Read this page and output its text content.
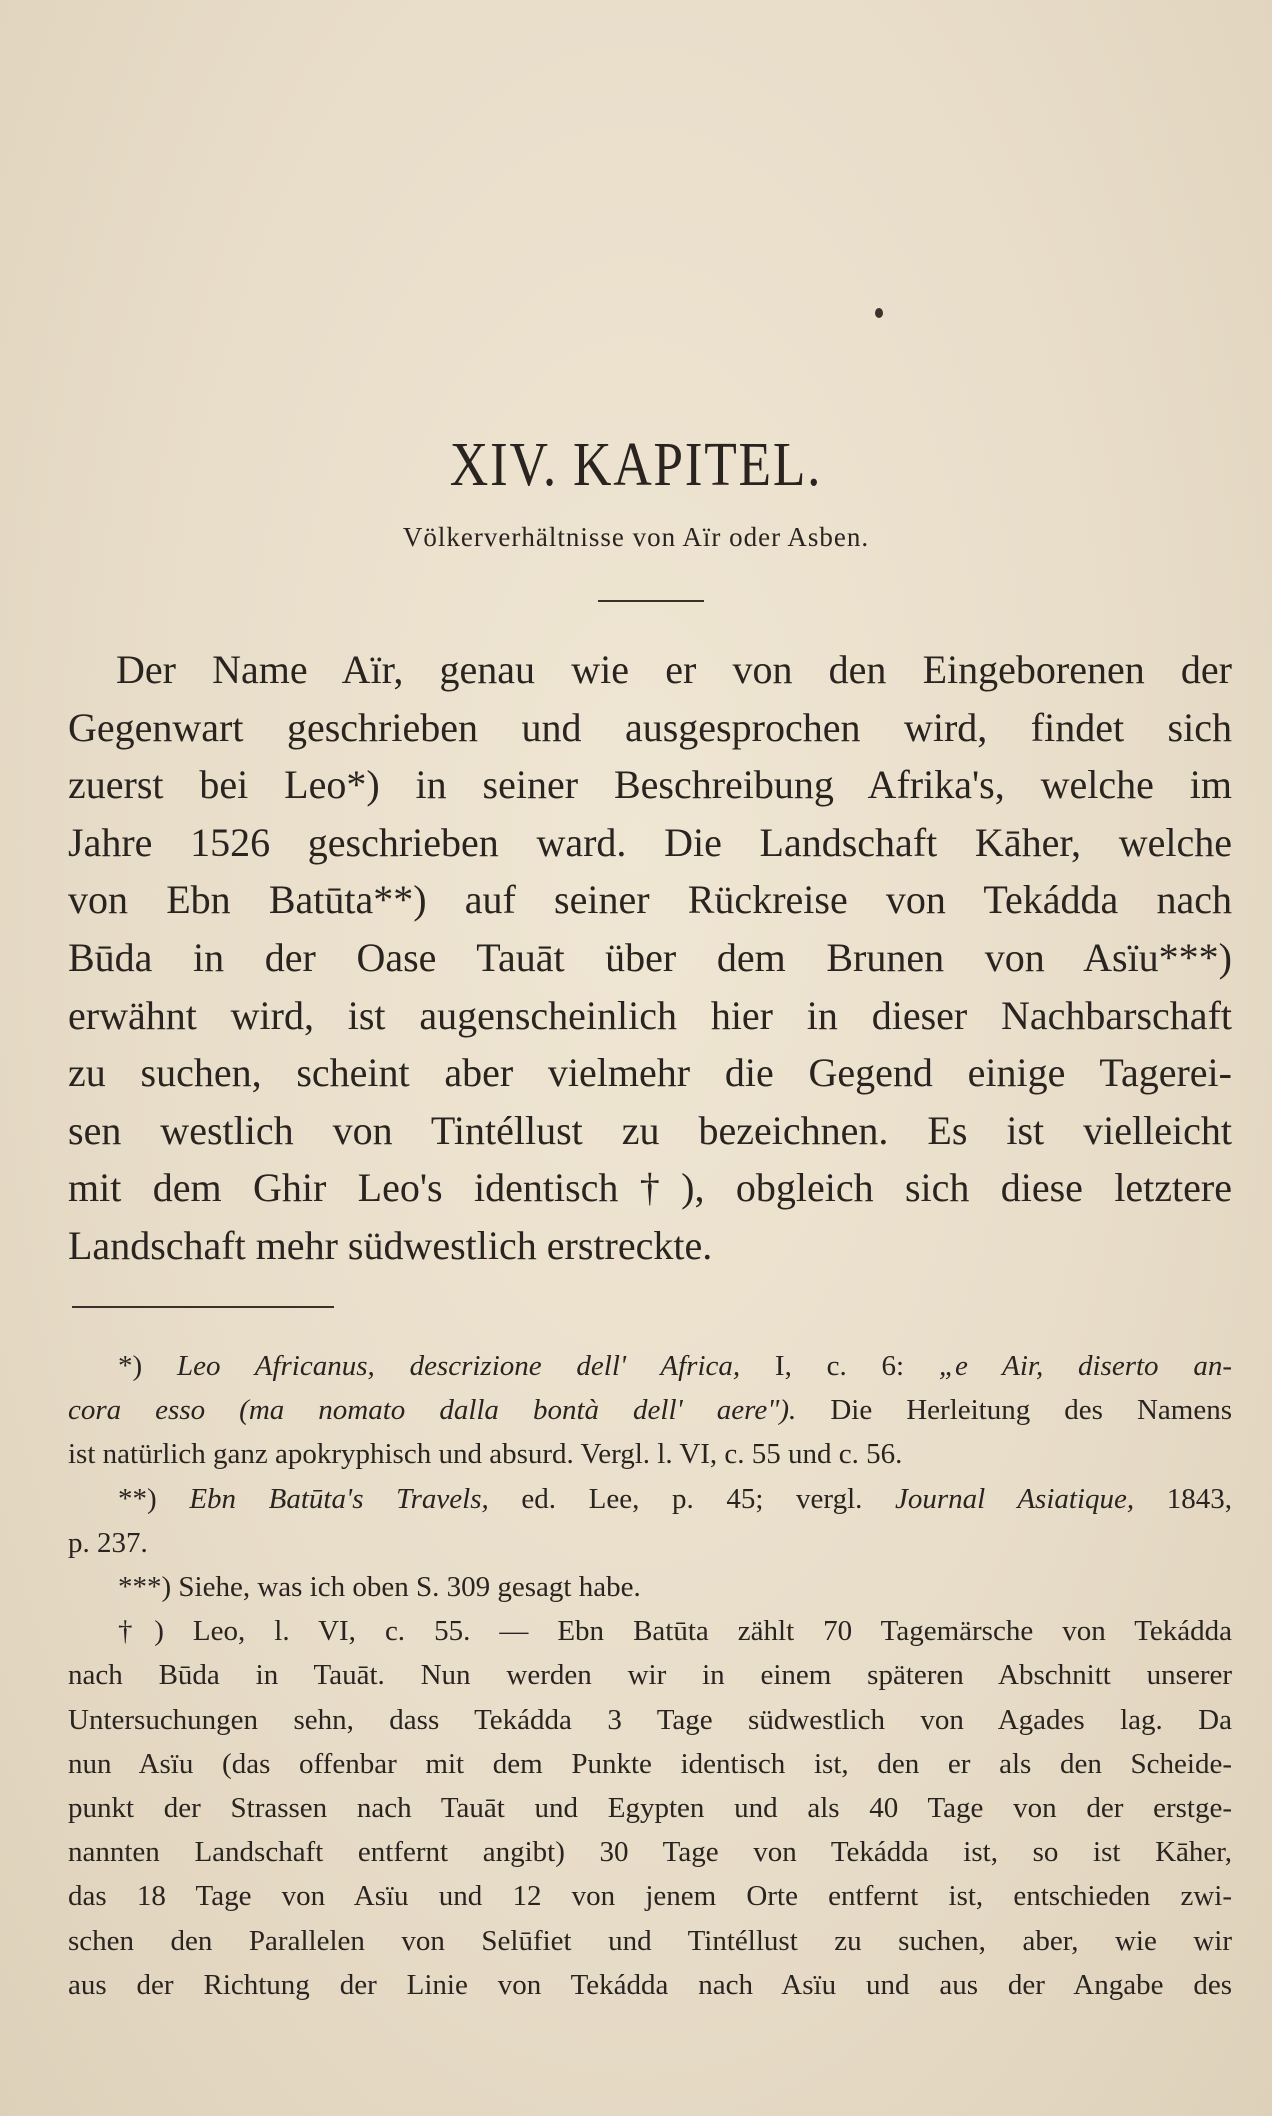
XIV. KAPITEL.

Völkerverhältnisse von Aïr oder Asben.

Der Name Aïr, genau wie er von den Eingeborenen der
Gegenwart geschrieben und ausgesprochen wird, findet sich
zuerst bei Leo*) in seiner Beschreibung Afrika's, welche im
Jahre 1526 geschrieben ward. Die Landschaft Kāher, welche
von Ebn Batūta**) auf seiner Rückreise von Tekádda nach
Būda in der Oase Tauāt über dem Brunen von Asïu***)
erwähnt wird, ist augenscheinlich hier in dieser Nachbarschaft
zu suchen, scheint aber vielmehr die Gegend einige Tagerei-
sen westlich von Tintéllust zu bezeichnen. Es ist vielleicht
mit dem Ghir Leo's identisch†), obgleich sich diese letztere
Landschaft mehr südwestlich erstreckte.

*) Leo Africanus, descrizione dell' Africa, I, c. 6: „e Air, diserto an-
cora esso (ma nomato dalla bontà dell' aere"). Die Herleitung des Namens
ist natürlich ganz apokryphisch und absurd. Vergl. l. VI, c. 55 und c. 56.
**) Ebn Batūta's Travels, ed. Lee, p. 45; vergl. Journal Asiatique, 1843,
p. 237.
***) Siehe, was ich oben S. 309 gesagt habe.
†) Leo, l. VI, c. 55. — Ebn Batūta zählt 70 Tagemärsche von Tekádda
nach Būda in Tauāt. Nun werden wir in einem späteren Abschnitt unserer
Untersuchungen sehn, dass Tekádda 3 Tage südwestlich von Agades lag. Da
nun Asïu (das offenbar mit dem Punkte identisch ist, den er als den Scheide-
punkt der Strassen nach Tauāt und Egypten und als 40 Tage von der erstge-
nannten Landschaft entfernt angibt) 30 Tage von Tekádda ist, so ist Kāher,
das 18 Tage von Asïu und 12 von jenem Orte entfernt ist, entschieden zwi-
schen den Parallelen von Selūfiet und Tintéllust zu suchen, aber, wie wir
aus der Richtung der Linie von Tekádda nach Asïu und aus der Angabe des
